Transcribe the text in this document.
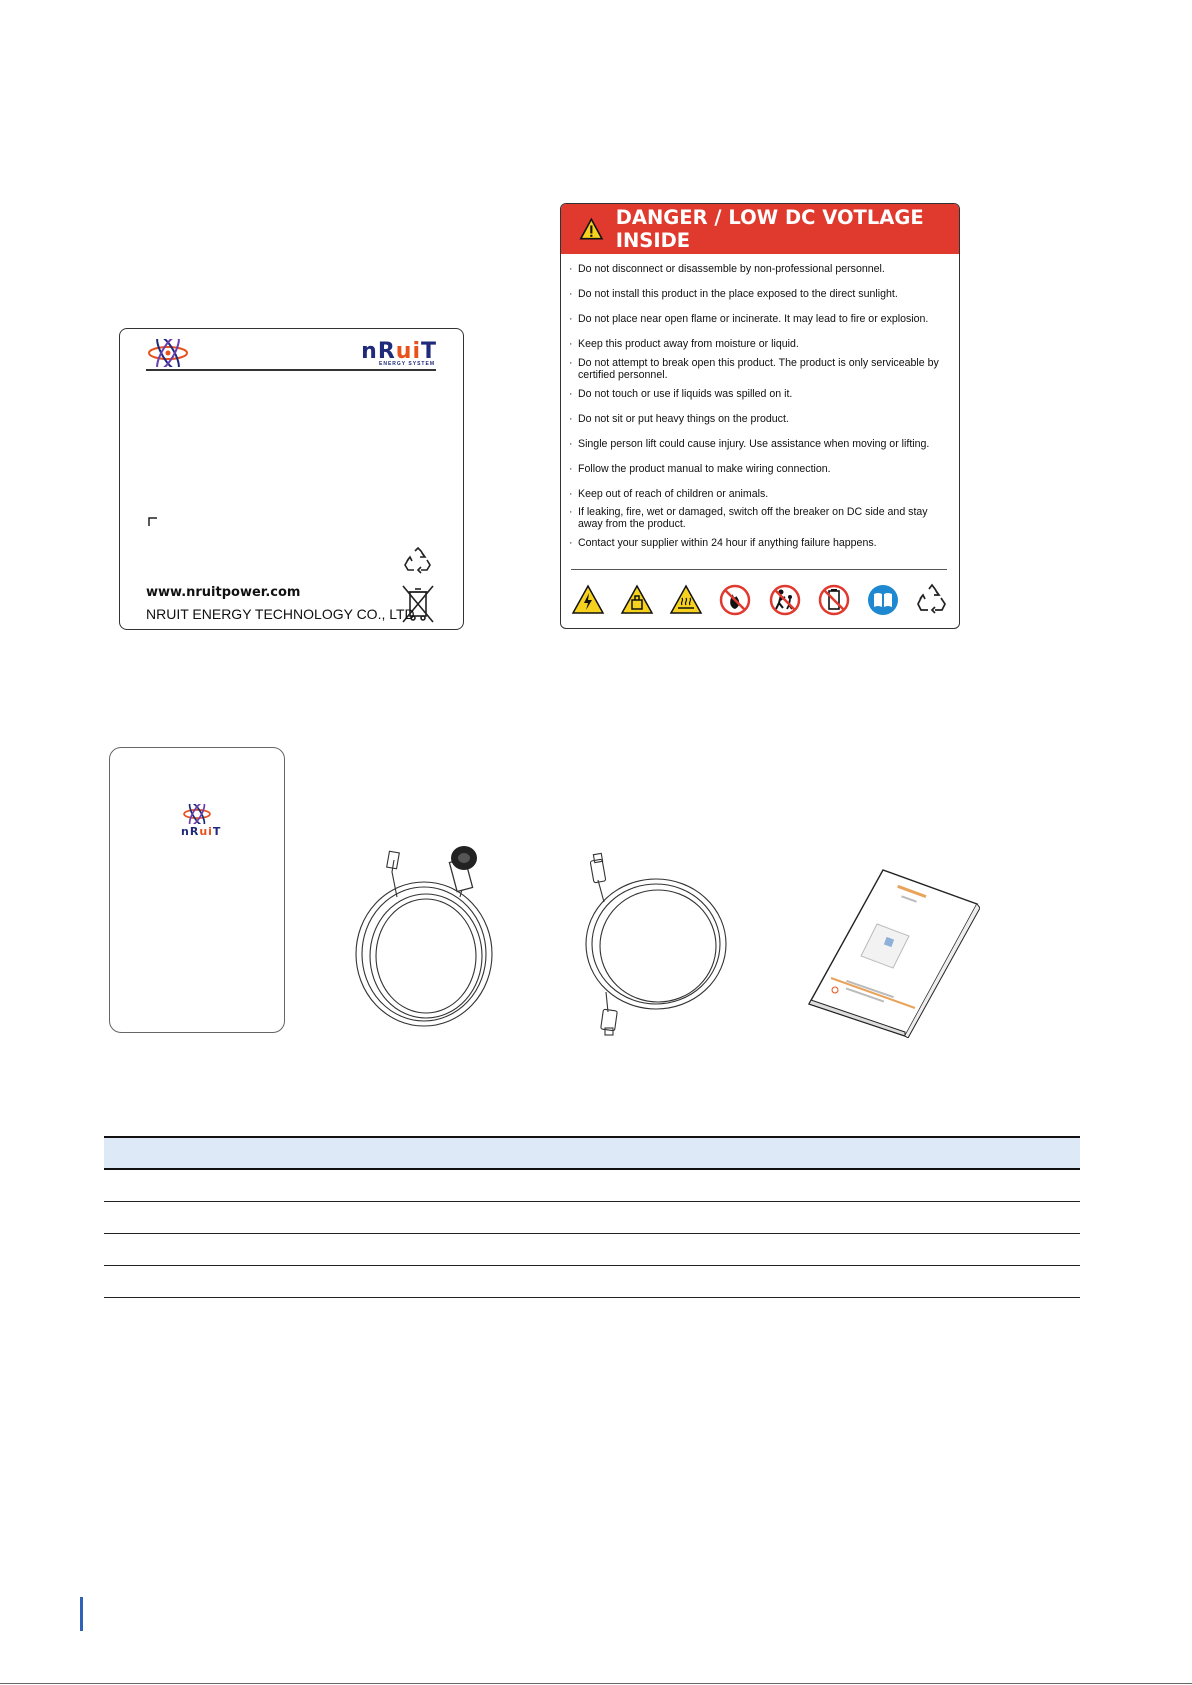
nRuiT
ENERGY SYSTEM
www.nruitpower.com
NRUIT ENERGY TECHNOLOGY CO., LTD
DANGER / LOW DC VOTLAGE INSIDE
· Do not disconnect or disassemble by non-professional personnel.
· Do not install this product in the place exposed to the direct sunlight.
· Do not place near open flame or incinerate. It may lead to fire or explosion.
· Keep this product away from moisture or liquid.
· Do not attempt to break open this product. The product is only serviceable by certified personnel.
· Do not touch or use if liquids was spilled on it.
· Do not sit or put heavy things on the product.
· Single person lift could cause injury. Use assistance when moving or lifting.
· Follow the product manual to make wiring connection.
· Keep out of reach of children or animals.
· If leaking, fire, wet or damaged, switch off the breaker on DC side and stay away from the product.
· Contact your supplier within 24 hour if anything failure happens.
nRuiT
